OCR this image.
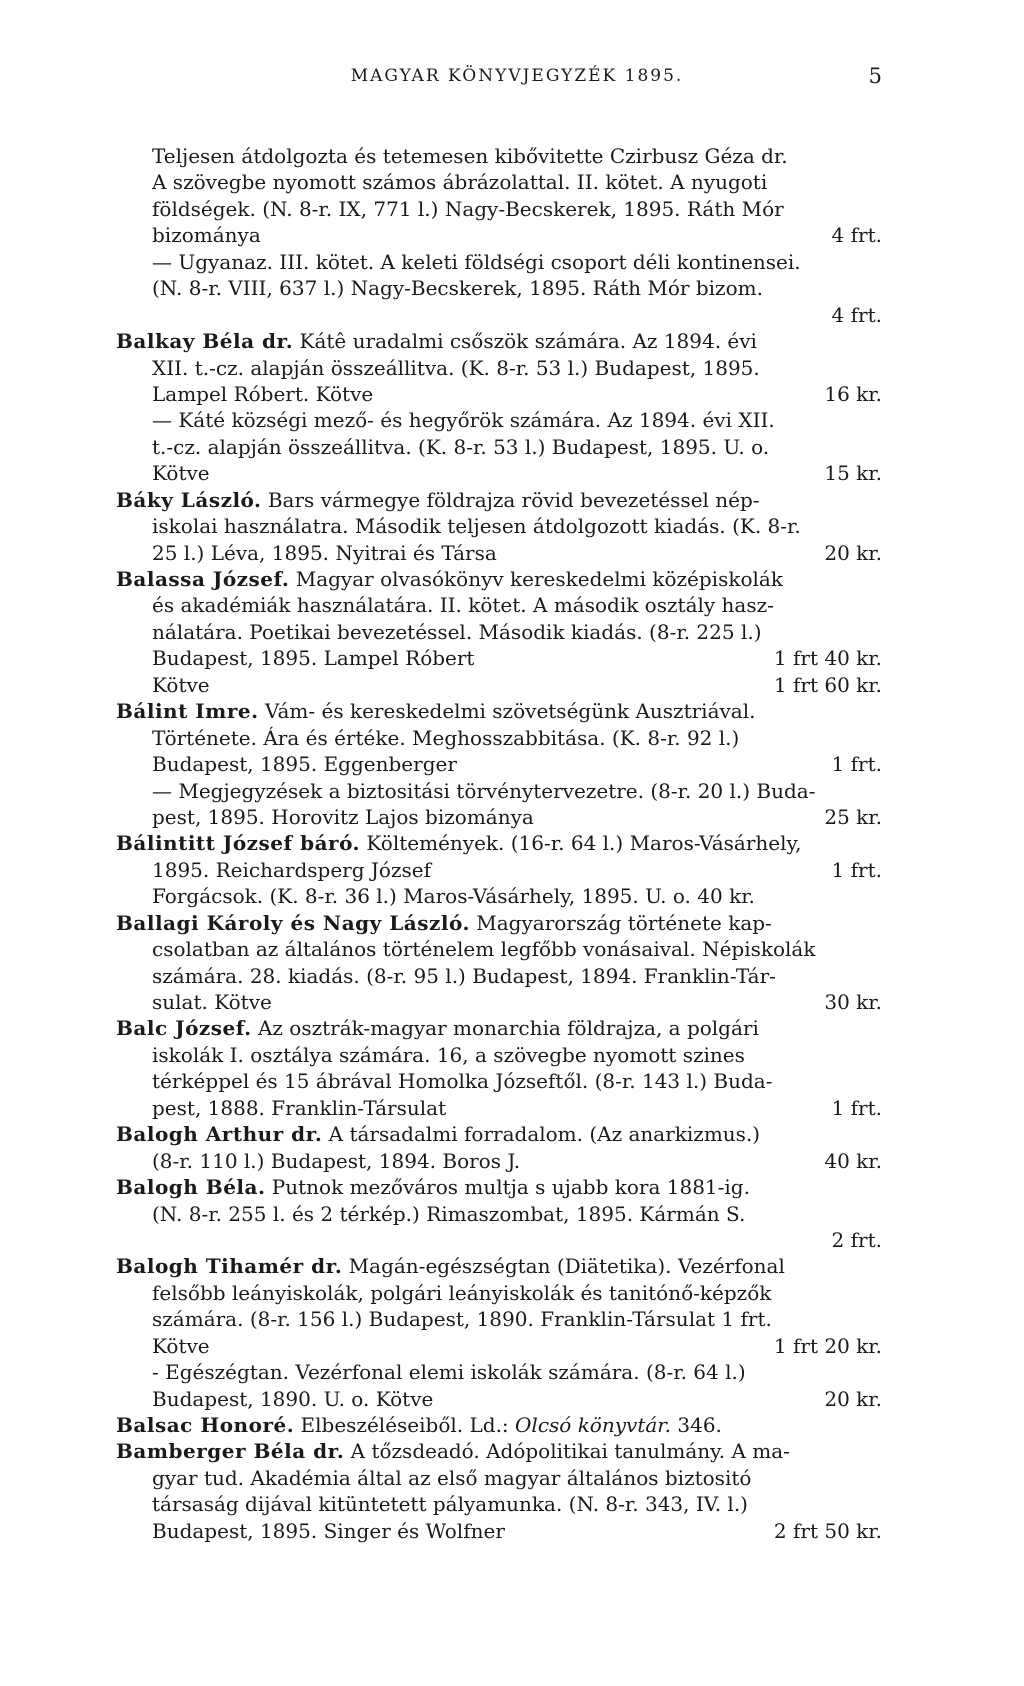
MAGYAR KÖNYVJEGYZÉK 1895.	5
Teljesen átdolgozta és tetemesen kibővitette Czirbusz Géza dr.
A szövegbe nyomott számos ábrázolattal. II. kötet. A nyugoti
földségek. (N. 8-r. IX, 771 l.) Nagy-Becskerek, 1895. Ráth Mór
bizománya	4 frt.
— Ugyanaz. III. kötet. A keleti földségi csoport déli kontinensei.
(N. 8-r. VIII, 637 l.) Nagy-Becskerek, 1895. Ráth Mór bizom.
4 frt.
Balkay Béla dr. Kátê uradalmi csőszök számára. Az 1894. évi
XII. t.-cz. alapján összeállitva. (K. 8-r. 53 l.) Budapest, 1895.
Lampel Róbert. Kötve	16 kr.
— Káté községi mező- és hegyőrök számára. Az 1894. évi XII.
t.-cz. alapján összeállitva. (K. 8-r. 53 l.) Budapest, 1895. U. o.
Kötve	15 kr.
Báky László. Bars vármegye földrajza rövid bevezetéssel nép-
iskolai használatra. Második teljesen átdolgozott kiadás. (K. 8-r.
25 l.) Léva, 1895. Nyitrai és Társa	20 kr.
Balassa József. Magyar olvasókönyv kereskedelmi középiskolák
és akadémiák használatára. II. kötet. A második osztály hasz-
nálatára. Poetikai bevezetéssel. Második kiadás. (8-r. 225 l.)
Budapest, 1895. Lampel Róbert	1 frt 40 kr.
Kötve	1 frt 60 kr.
Bálint Imre. Vám- és kereskedelmi szövetségünk Ausztriával.
Története. Ára és értéke. Meghosszabbitása. (K. 8-r. 92 l.)
Budapest, 1895. Eggenberger	1 frt.
— Megjegyzések a biztositási törvénytervezetre. (8-r. 20 l.) Buda-
pest, 1895. Horovitz Lajos bizománya	25 kr.
Bálintitt József báró. Költemények. (16-r. 64 l.) Maros-Vásárhely,
1895. Reichardsperg József	1 frt.
Forgácsok. (K. 8-r. 36 l.) Maros-Vásárhely, 1895. U. o. 40 kr.
Ballagi Károly és Nagy László. Magyarország története kap-
csolatban az általános történelem legfőbb vonásaival. Népiskolák
számára. 28. kiadás. (8-r. 95 l.) Budapest, 1894. Franklin-Tár-
sulat. Kötve	30 kr.
Balc József. Az osztrák-magyar monarchia földrajza, a polgári
iskolák I. osztálya számára. 16, a szövegbe nyomott szines
térképpel és 15 ábrával Homolka Józseftől. (8-r. 143 l.) Buda-
pest, 1888. Franklin-Társulat	1 frt.
Balogh Arthur dr. A társadalmi forradalom. (Az anarkizmus.)
(8-r. 110 l.) Budapest, 1894. Boros J.	40 kr.
Balogh Béla. Putnok mezőváros multja s ujabb kora 1881-ig.
(N. 8-r. 255 l. és 2 térkép.) Rimaszombat, 1895. Kármán S.
2 frt.
Balogh Tihamér dr. Magán-egészségtan (Diätetika). Vezérfonal
felsőbb leányiskolák, polgári leányiskolák és tanitónő-képzők
számára. (8-r. 156 l.) Budapest, 1890. Franklin-Társulat 1 frt.
Kötve	1 frt 20 kr.
- Egészégtan. Vezérfonal elemi iskolák számára. (8-r. 64 l.)
Budapest, 1890. U. o. Kötve	20 kr.
Balsac Honoré. Elbeszéléseiből. Ld.: Olcsó könyvtár. 346.
Bamberger Béla dr. A tőzsdeadó. Adópolitikai tanulmány. A ma-
gyar tud. Akadémia által az első magyar általános biztositó
társaság dijával kitüntetett pályamunka. (N. 8-r. 343, IV. l.)
Budapest, 1895. Singer és Wolfner	2 frt 50 kr.
